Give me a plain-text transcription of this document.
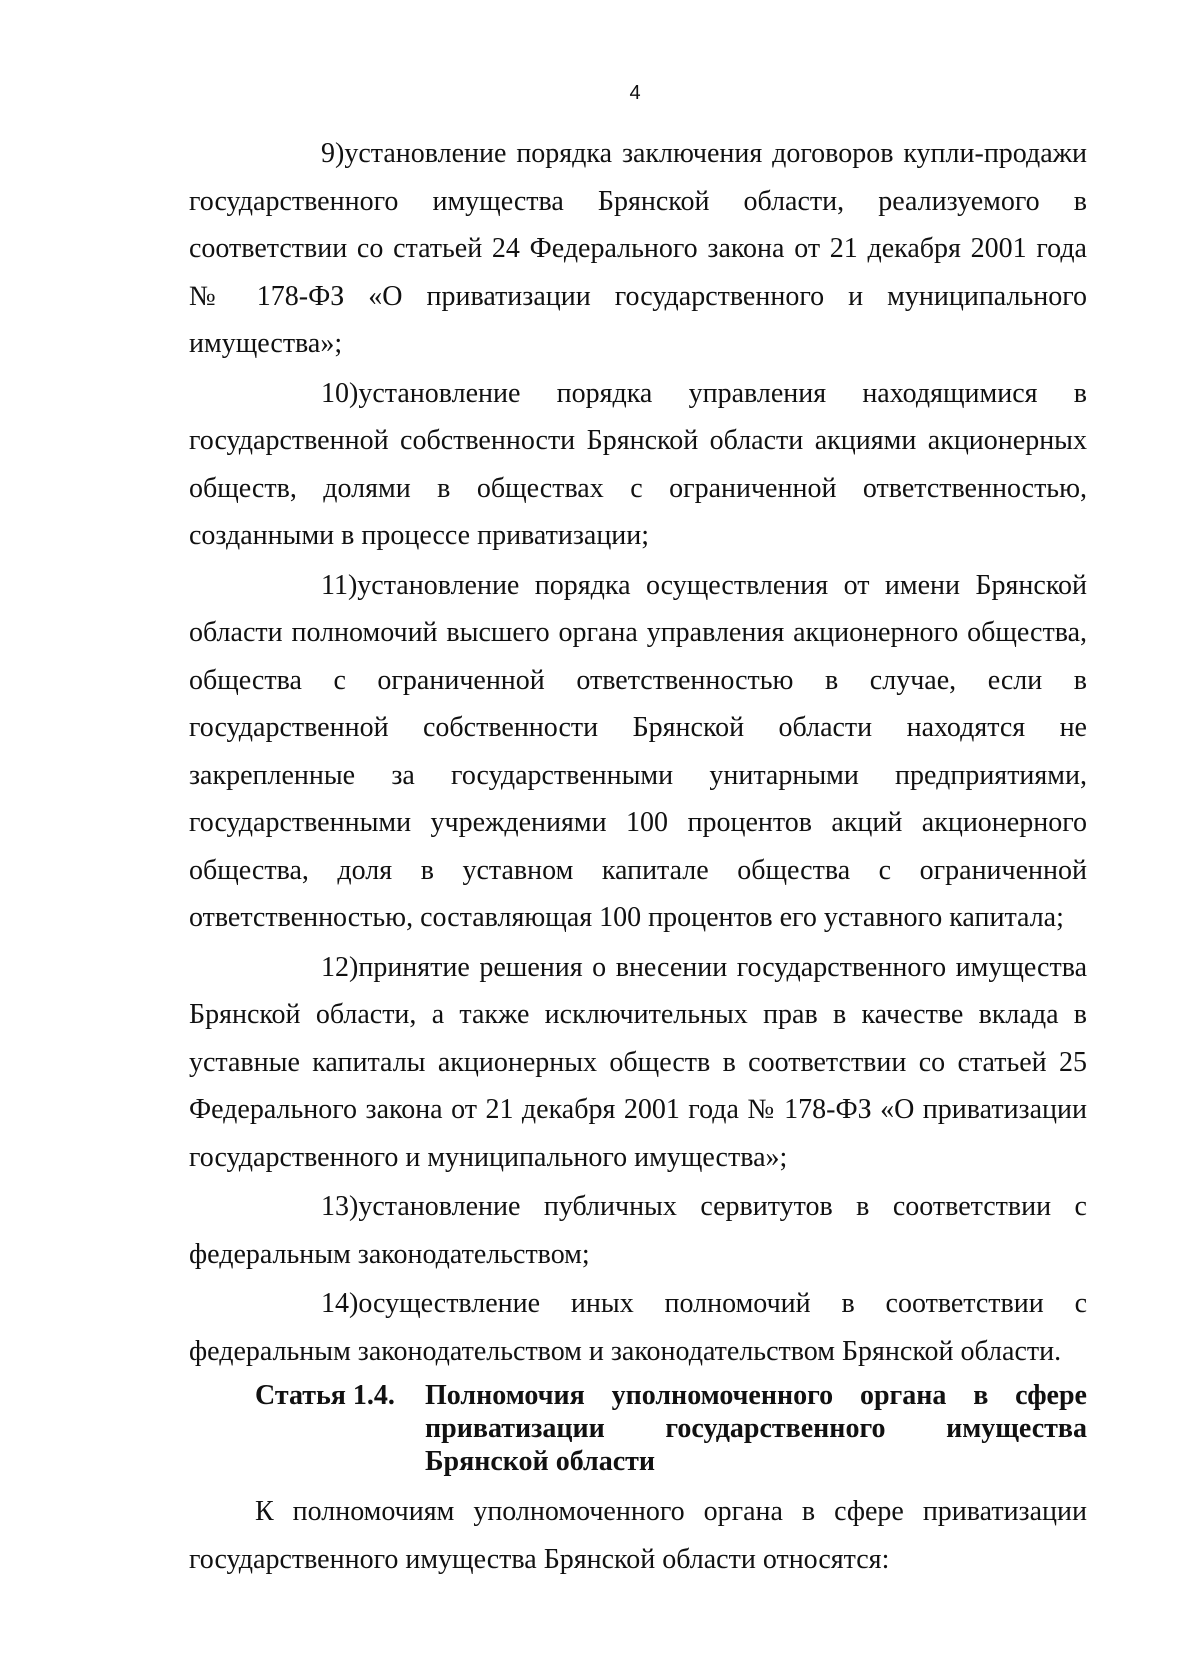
4

9)установление порядка заключения договоров купли-продажи государственного имущества Брянской области, реализуемого в соответствии со статьей 24 Федерального закона от 21 декабря 2001 года № 178-ФЗ «О приватизации государственного и муниципального имущества»;

10)установление порядка управления находящимися в государственной собственности Брянской области акциями акционерных обществ, долями в обществах с ограниченной ответственностью, созданными в процессе приватизации;

11)установление порядка осуществления от имени Брянской области полномочий высшего органа управления акционерного общества, общества с ограниченной ответственностью в случае, если в государственной собственности Брянской области находятся не закрепленные за государственными унитарными предприятиями, государственными учреждениями 100 процентов акций акционерного общества, доля в уставном капитале общества с ограниченной ответственностью, составляющая 100 процентов его уставного капитала;

12)принятие решения о внесении государственного имущества Брянской области, а также исключительных прав в качестве вклада в уставные капиталы акционерных обществ в соответствии со статьей 25 Федерального закона от 21 декабря 2001 года № 178-ФЗ «О приватизации государственного и муниципального имущества»;

13)установление публичных сервитутов в соответствии с федеральным законодательством;

14)осуществление иных полномочий в соответствии с федеральным законодательством и законодательством Брянской области.

Статья 1.4.	Полномочия уполномоченного органа в сфере приватизации государственного имущества Брянской области

К полномочиям уполномоченного органа в сфере приватизации государственного имущества Брянской области относятся:
